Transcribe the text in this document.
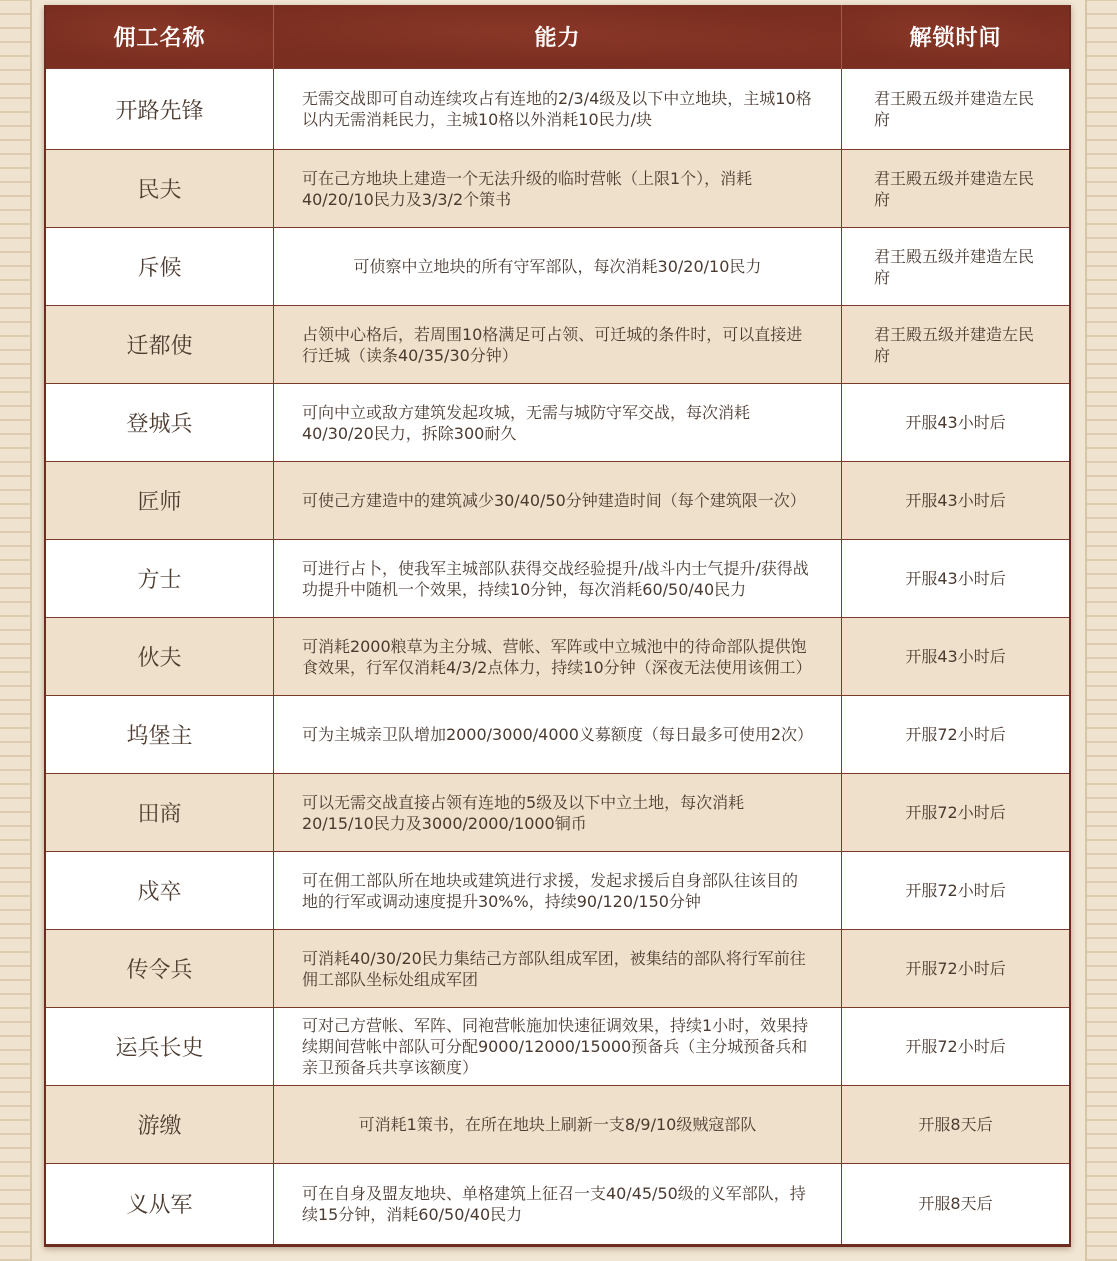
佣工名称	能力	解锁时间
开路先锋	无需交战即可自动连续攻占有连地的2/3/4级及以下中立地块，主城10格以内无需消耗民力，主城10格以外消耗10民力/块	君王殿五级并建造左民府
民夫	可在己方地块上建造一个无法升级的临时营帐（上限1个），消耗40/20/10民力及3/3/2个策书	君王殿五级并建造左民府
斥候	可侦察中立地块的所有守军部队，每次消耗30/20/10民力	君王殿五级并建造左民府
迁都使	占领中心格后，若周围10格满足可占领、可迁城的条件时，可以直接进行迁城（读条40/35/30分钟）	君王殿五级并建造左民府
登城兵	可向中立或敌方建筑发起攻城，无需与城防守军交战，每次消耗40/30/20民力，拆除300耐久	开服43小时后
匠师	可使己方建造中的建筑减少30/40/50分钟建造时间（每个建筑限一次）	开服43小时后
方士	可进行占卜，使我军主城部队获得交战经验提升/战斗内士气提升/获得战功提升中随机一个效果，持续10分钟，每次消耗60/50/40民力	开服43小时后
伙夫	可消耗2000粮草为主分城、营帐、军阵或中立城池中的待命部队提供饱食效果，行军仅消耗4/3/2点体力，持续10分钟（深夜无法使用该佣工）	开服43小时后
坞堡主	可为主城亲卫队增加2000/3000/4000义募额度（每日最多可使用2次）	开服72小时后
田商	可以无需交战直接占领有连地的5级及以下中立土地，每次消耗20/15/10民力及3000/2000/1000铜币	开服72小时后
戍卒	可在佣工部队所在地块或建筑进行求援，发起求援后自身部队往该目的地的行军或调动速度提升30%%，持续90/120/150分钟	开服72小时后
传令兵	可消耗40/30/20民力集结己方部队组成军团，被集结的部队将行军前往佣工部队坐标处组成军团	开服72小时后
运兵长史	可对己方营帐、军阵、同袍营帐施加快速征调效果，持续1小时，效果持续期间营帐中部队可分配9000/12000/15000预备兵（主分城预备兵和亲卫预备兵共享该额度）	开服72小时后
游缴	可消耗1策书，在所在地块上刷新一支8/9/10级贼寇部队	开服8天后
义从军	可在自身及盟友地块、单格建筑上征召一支40/45/50级的义军部队，持续15分钟，消耗60/50/40民力	开服8天后
